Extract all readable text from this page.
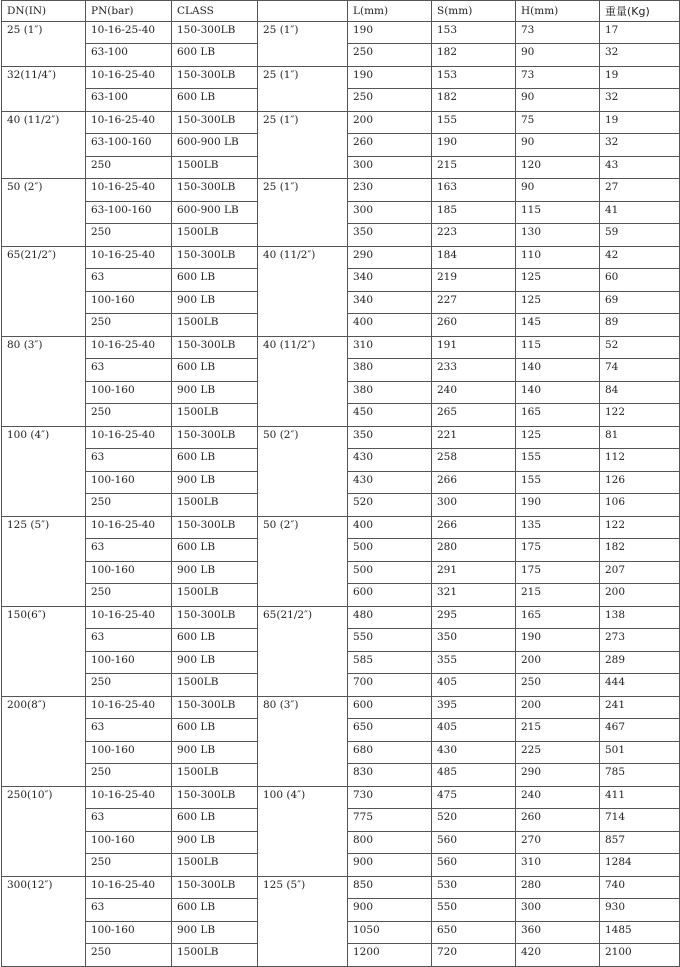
DN(IN)	PN(bar)	CLASS		L(mm)	S(mm)	H(mm)	重量(Kg)
25 (1″)	10-16-25-40	150-300LB	25 (1″)	190	153	73	17
	63-100	600 LB		250	182	90	32
32(11/4″)	10-16-25-40	150-300LB	25 (1″)	190	153	73	19
	63-100	600 LB		250	182	90	32
40 (11/2″)	10-16-25-40	150-300LB	25 (1″)	200	155	75	19
	63-100-160	600-900 LB		260	190	90	32
	250	1500LB		300	215	120	43
50 (2″)	10-16-25-40	150-300LB	25 (1″)	230	163	90	27
	63-100-160	600-900 LB		300	185	115	41
	250	1500LB		350	223	130	59
65(21/2″)	10-16-25-40	150-300LB	40 (11/2″)	290	184	110	42
	63	600 LB		340	219	125	60
	100-160	900 LB		340	227	125	69
	250	1500LB		400	260	145	89
80 (3″)	10-16-25-40	150-300LB	40 (11/2″)	310	191	115	52
	63	600 LB		380	233	140	74
	100-160	900 LB		380	240	140	84
	250	1500LB		450	265	165	122
100 (4″)	10-16-25-40	150-300LB	50 (2″)	350	221	125	81
	63	600 LB		430	258	155	112
	100-160	900 LB		430	266	155	126
	250	1500LB		520	300	190	106
125 (5″)	10-16-25-40	150-300LB	50 (2″)	400	266	135	122
	63	600 LB		500	280	175	182
	100-160	900 LB		500	291	175	207
	250	1500LB		600	321	215	200
150(6″)	10-16-25-40	150-300LB	65(21/2″)	480	295	165	138
	63	600 LB		550	350	190	273
	100-160	900 LB		585	355	200	289
	250	1500LB		700	405	250	444
200(8″)	10-16-25-40	150-300LB	80 (3″)	600	395	200	241
	63	600 LB		650	405	215	467
	100-160	900 LB		680	430	225	501
	250	1500LB		830	485	290	785
250(10″)	10-16-25-40	150-300LB	100 (4″)	730	475	240	411
	63	600 LB		775	520	260	714
	100-160	900 LB		800	560	270	857
	250	1500LB		900	560	310	1284
300(12″)	10-16-25-40	150-300LB	125 (5″)	850	530	280	740
	63	600 LB		900	550	300	930
	100-160	900 LB		1050	650	360	1485
	250	1500LB		1200	720	420	2100
